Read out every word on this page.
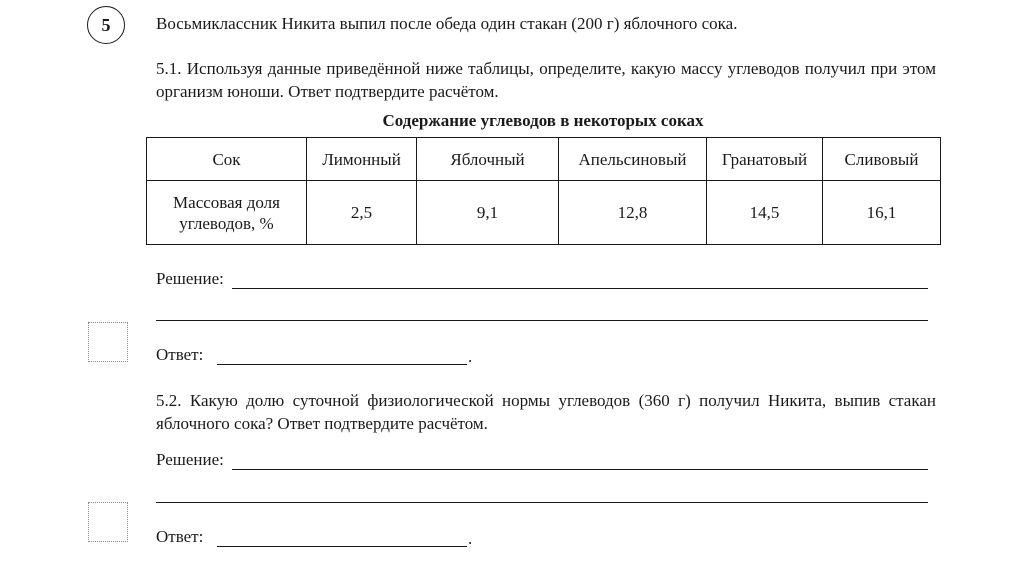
5	Восьмиклассник Никита выпил после обеда один стакан (200 г) яблочного сока.
5.1. Используя данные приведённой ниже таблицы, определите, какую массу углеводов получил при этом организм юноши. Ответ подтвердите расчётом.
Содержание углеводов в некоторых соках
Сок	Лимонный	Яблочный	Апельсиновый	Гранатовый	Сливовый
Массовая доля
углеводов, %	2,5	9,1	12,8	14,5	16,1
Решение:
Ответ:	.
5.2. Какую долю суточной физиологической нормы углеводов (360 г) получил Никита, выпив стакан яблочного сока? Ответ подтвердите расчётом.
Решение:
Ответ:	.
